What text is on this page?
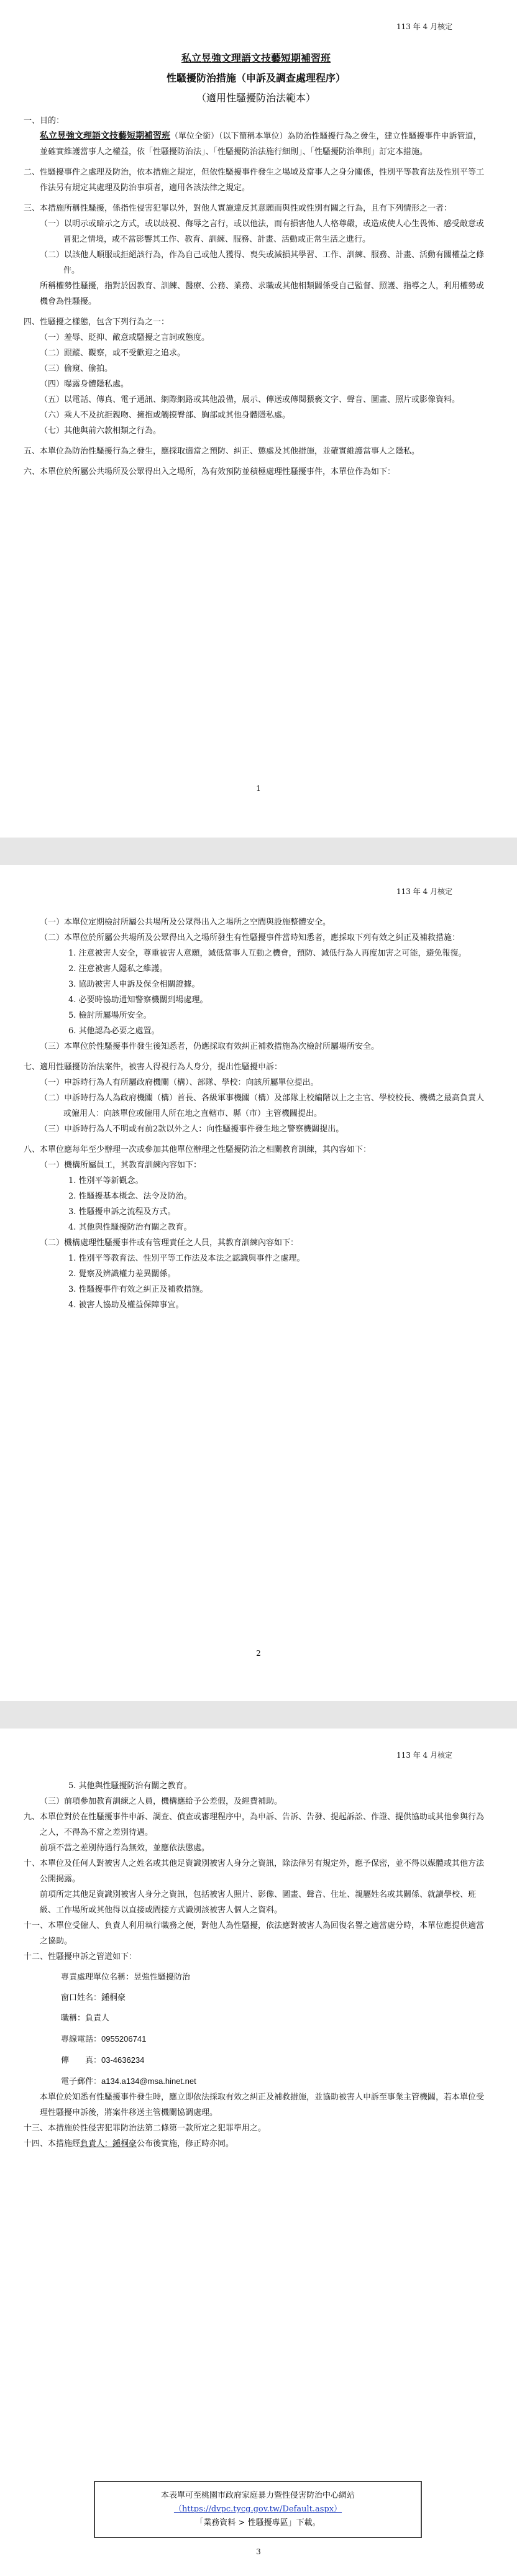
113 年 4 月核定
私立昱強文理語文技藝短期補習班
性騷擾防治措施（申訴及調查處理程序）
（適用性騷擾防治法範本）

一、目的：

私立昱強文理語文技藝短期補習班（單位全銜）（以下簡稱本單位）為防治性騷擾行為之發生，建立性騷擾事件申訴管道，並確實維護當事人之權益，依「性騷擾防治法」、「性騷擾防治法施行細則」、「性騷擾防治準則」訂定本措施。

二、性騷擾事件之處理及防治，依本措施之規定，但依性騷擾事件發生之場域及當事人之身分關係，性別平等教育法及性別平等工作法另有規定其處理及防治事項者，適用各該法律之規定。

三、本措施所稱性騷擾，係指性侵害犯罪以外，對他人實施違反其意願而與性或性別有關之行為，且有下列情形之一者：

（一）以明示或暗示之方式，或以歧視、侮辱之言行，或以他法，而有損害他人人格尊嚴，或造成使人心生畏怖、感受敵意或冒犯之情境，或不當影響其工作、教育、訓練、服務、計畫、活動或正常生活之進行。

（二）以該他人順服或拒絕該行為，作為自己或他人獲得、喪失或減損其學習、工作、訓練、服務、計畫、活動有關權益之條件。

所稱權勢性騷擾，指對於因教育、訓練、醫療、公務、業務、求職或其他相類關係受自己監督、照護、指導之人，利用權勢或機會為性騷擾。

四、性騷擾之樣態，包含下列行為之一：

（一）羞辱、貶抑、敵意或騷擾之言詞或態度。

（二）跟蹤、觀察，或不受歡迎之追求。

（三）偷窺、偷拍。

（四）曝露身體隱私處。

（五）以電話、傳真、電子通訊、網際網路或其他設備，展示、傳送或傳閱猥褻文字、聲音、圖畫、照片或影像資料。

（六）乘人不及抗拒親吻、擁抱或觸摸臀部、胸部或其他身體隱私處。

（七）其他與前六款相類之行為。

五、本單位為防治性騷擾行為之發生，應採取適當之預防、糾正、懲處及其他措施，並確實維護當事人之隱私。

六、本單位於所屬公共場所及公眾得出入之場所，為有效預防並積極處理性騷擾事件，本單位作為如下：

1
113 年 4 月核定

（一）本單位定期檢討所屬公共場所及公眾得出入之場所之空間與設施整體安全。

（二）本單位於所屬公共場所及公眾得出入之場所發生有性騷擾事件當時知悉者，應採取下列有效之糾正及補救措施：

1. 注意被害人安全，尊重被害人意願，減低當事人互動之機會，預防、減低行為人再度加害之可能，避免報復。

2. 注意被害人隱私之維護。

3. 協助被害人申訴及保全相關證據。

4. 必要時協助通知警察機關到場處理。

5. 檢討所屬場所安全。

6. 其他認為必要之處置。

（三）本單位於性騷擾事件發生後知悉者，仍應採取有效糾正補救措施為次檢討所屬場所安全。

七、適用性騷擾防治法案件，被害人得視行為人身分，提出性騷擾申訴：

（一）申訴時行為人有所屬政府機關（構）、部隊、學校：向該所屬單位提出。

（二）申訴時行為人為政府機關（構）首長、各級軍事機關（構）及部隊上校編階以上之主官、學校校長、機構之最高負責人或僱用人：向該單位或僱用人所在地之直轄市、縣（市）主管機關提出。

（三）申訴時行為人不明或有前2款以外之人：向性騷擾事件發生地之警察機關提出。

八、本單位應每年至少辦理一次或參加其他單位辦理之性騷擾防治之相關教育訓練，其內容如下：

（一）機構所屬員工，其教育訓練內容如下：

1. 性別平等新觀念。

2. 性騷擾基本概念、法令及防治。

3. 性騷擾申訴之流程及方式。

4. 其他與性騷擾防治有關之教育。

（二）機構處理性騷擾事件或有管理責任之人員，其教育訓練內容如下：

1. 性別平等教育法、性別平等工作法及本法之認識與事件之處理。

2. 覺察及辨識權力差異關係。

3. 性騷擾事件有效之糾正及補救措施。

4. 被害人協助及權益保障事宜。

2
113 年 4 月核定

5. 其他與性騷擾防治有關之教育。

（三）前項參加教育訓練之人員，機構應給予公差假，及經費補助。

九、本單位對於在性騷擾事件申訴、調查、偵查或審理程序中，為申訴、告訴、告發、提起訴訟、作證、提供協助或其他參與行為之人，不得為不當之差別待遇。

前項不當之差別待遇行為無效，並應依法懲處。

十、本單位及任何人對被害人之姓名或其他足資識別被害人身分之資訊，除法律另有規定外，應予保密，並不得以媒體或其他方法公開揭露。

前項所定其他足資識別被害人身分之資訊，包括被害人照片、影像、圖畫、聲音、住址、親屬姓名或其關係、就讀學校、班級、工作場所或其他得以直接或間接方式識別該被害人個人之資料。

十一、本單位受僱人、負責人利用執行職務之便，對他人為性騷擾，依法應對被害人為回復名譽之適當處分時，本單位應提供適當之協助。

十二、性騷擾申訴之管道如下：

專責處理單位名稱：昱強性騷擾防治

窗口姓名：鍾桐豪

職稱：負責人

專線電話：0955206741

傳　　真：03-4636234

電子郵件：a134.a134@msa.hinet.net

本單位於知悉有性騷擾事件發生時，應立即依法採取有效之糾正及補救措施，並協助被害人申訴至事業主管機關，若本單位受理性騷擾申訴後，將案件移送主管機關協調處理。

十三、本措施於性侵害犯罪防治法第二條第一款所定之犯罪準用之。

十四、本措施經負責人：鍾桐豪公布後實施，修正時亦同。

3
本表單可至桃園市政府家庭暴力暨性侵害防治中心網站
（https://dvpc.tycg.gov.tw/Default.aspx）
「業務資料 > 性騷擾專區」下載。
